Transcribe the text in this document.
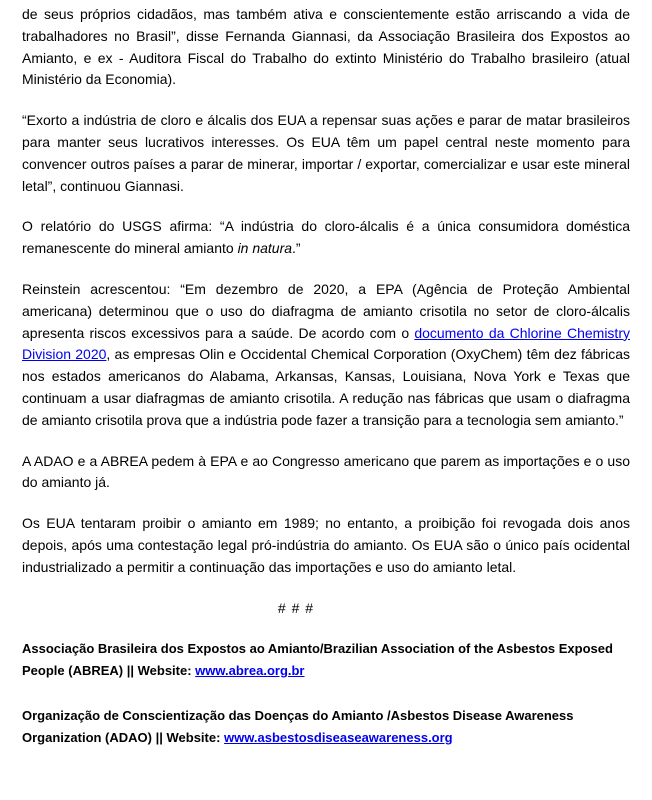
de seus próprios cidadãos, mas também ativa e conscientemente estão arriscando a vida de trabalhadores no Brasil”, disse Fernanda Giannasi, da Associação Brasileira dos Expostos ao Amianto, e ex - Auditora Fiscal do Trabalho do extinto Ministério do Trabalho brasileiro (atual Ministério da Economia).

“Exorto a indústria de cloro e álcalis dos EUA a repensar suas ações e parar de matar brasileiros para manter seus lucrativos interesses. Os EUA têm um papel central neste momento para convencer outros países a parar de minerar, importar / exportar, comercializar e usar este mineral letal”, continuou Giannasi.

O relatório do USGS afirma: “A indústria do cloro-álcalis é a única consumidora doméstica remanescente do mineral amianto in natura.”

Reinstein acrescentou: “Em dezembro de 2020, a EPA (Agência de Proteção Ambiental americana) determinou que o uso do diafragma de amianto crisotila no setor de cloro-álcalis apresenta riscos excessivos para a saúde. De acordo com o documento da Chlorine Chemistry Division 2020, as empresas Olin e Occidental Chemical Corporation (OxyChem) têm dez fábricas nos estados americanos do Alabama, Arkansas, Kansas, Louisiana, Nova York e Texas que continuam a usar diafragmas de amianto crisotila. A redução nas fábricas que usam o diafragma de amianto crisotila prova que a indústria pode fazer a transição para a tecnologia sem amianto.”

A ADAO e a ABREA pedem à EPA e ao Congresso americano que parem as importações e o uso do amianto já.

Os EUA tentaram proibir o amianto em 1989; no entanto, a proibição foi revogada dois anos depois, após uma contestação legal pró-indústria do amianto. Os EUA são o único país ocidental industrializado a permitir a continuação das importações e uso do amianto letal.

# # #

Associação Brasileira dos Expostos ao Amianto/Brazilian Association of the Asbestos Exposed People (ABREA) || Website: www.abrea.org.br

Organização de Conscientização das Doenças do Amianto /Asbestos Disease Awareness Organization (ADAO) || Website: www.asbestosdiseaseawareness.org
